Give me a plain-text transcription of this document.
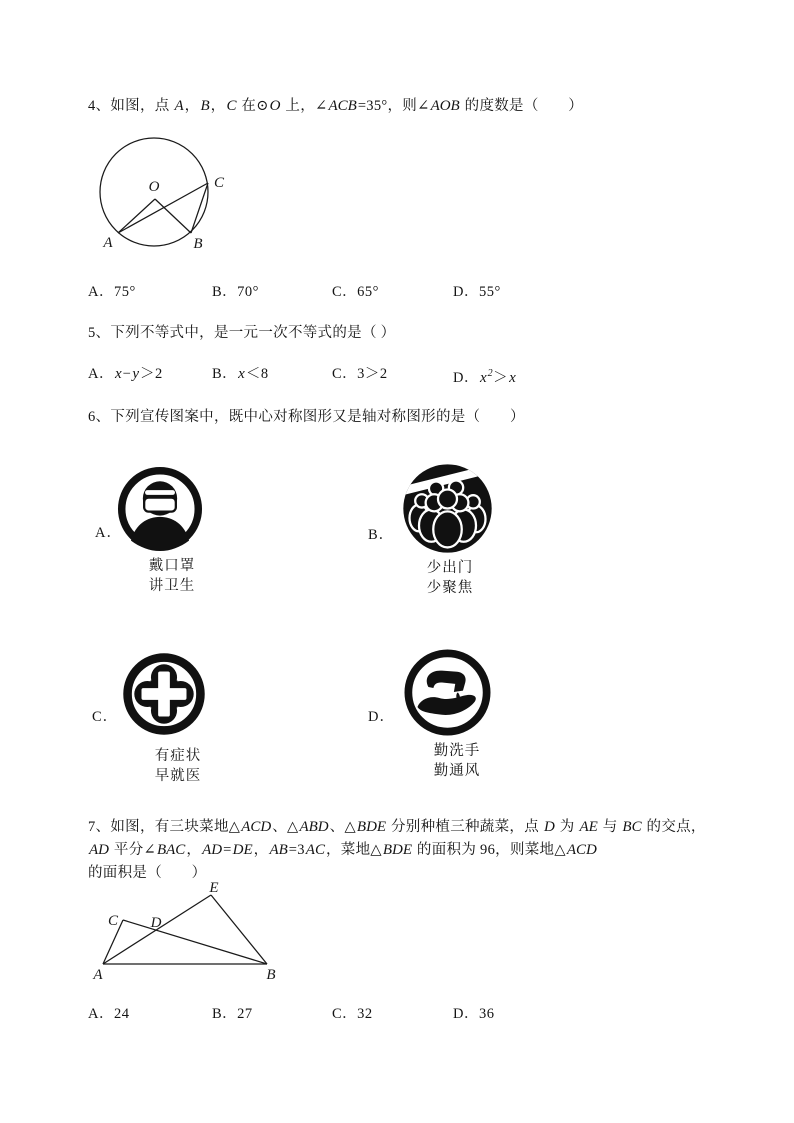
4、如图，点 A，B，C 在⊙O 上，∠ACB=35°，则∠AOB 的度数是（　　）
O
A	B
C
A．75°	B．70°	C．65°	D．55°
5、下列不等式中，是一元一次不等式的是（ ）
A．x−y＞2	B．x＜8	C．3＞2	D．$x^2>x$
6、下列宣传图案中，既中心对称图形又是轴对称图形的是（　　）
A．
戴口罩
讲卫生
B．
少出门
少聚焦
C．
有症状
早就医
D．
勤洗手
勤通风
7、如图，有三块菜地△ACD、△ABD、△BDE 分别种植三种蔬菜，点 D 为 AE 与 BC 的交点，AD 平分∠BAC，AD=DE，AB=3AC，菜地△BDE 的面积为 96，则菜地△ACD 的面积是（　　）
A	B
C D
E
A．24	B．27	C．32	D．36
